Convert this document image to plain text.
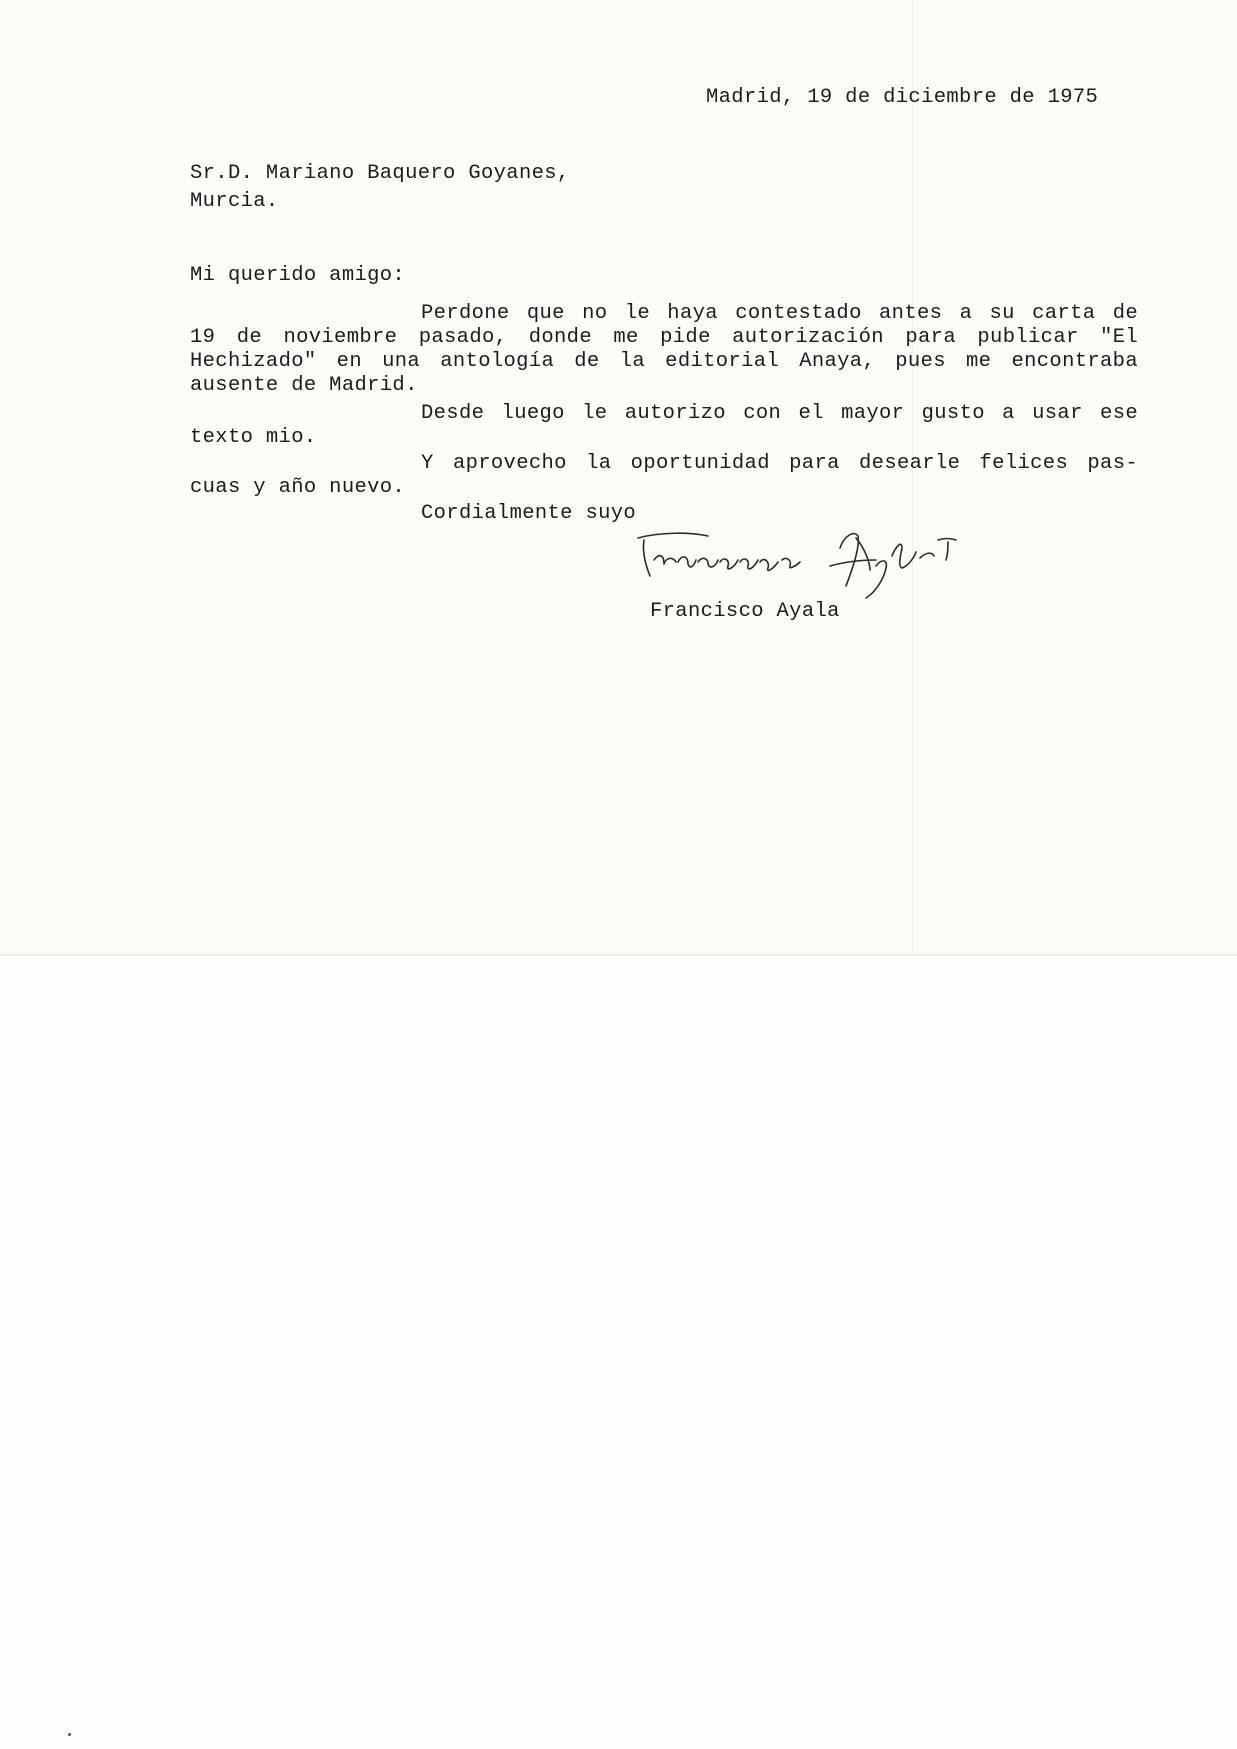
Madrid, 19 de diciembre de 1975
Sr.D. Mariano Baquero Goyanes,
Murcia.
Mi querido amigo:
Perdone que no le haya contestado antes a su carta de
19 de noviembre pasado, donde me pide autorización para publicar "El
Hechizado" en una antología de la editorial Anaya, pues me encontraba
ausente de Madrid.
Desde luego le autorizo con el mayor gusto a usar ese
texto mio.
Y aprovecho la oportunidad para desearle felices pas-
cuas y año nuevo.
Cordialmente suyo
Francisco Ayala Francisco Ayala
